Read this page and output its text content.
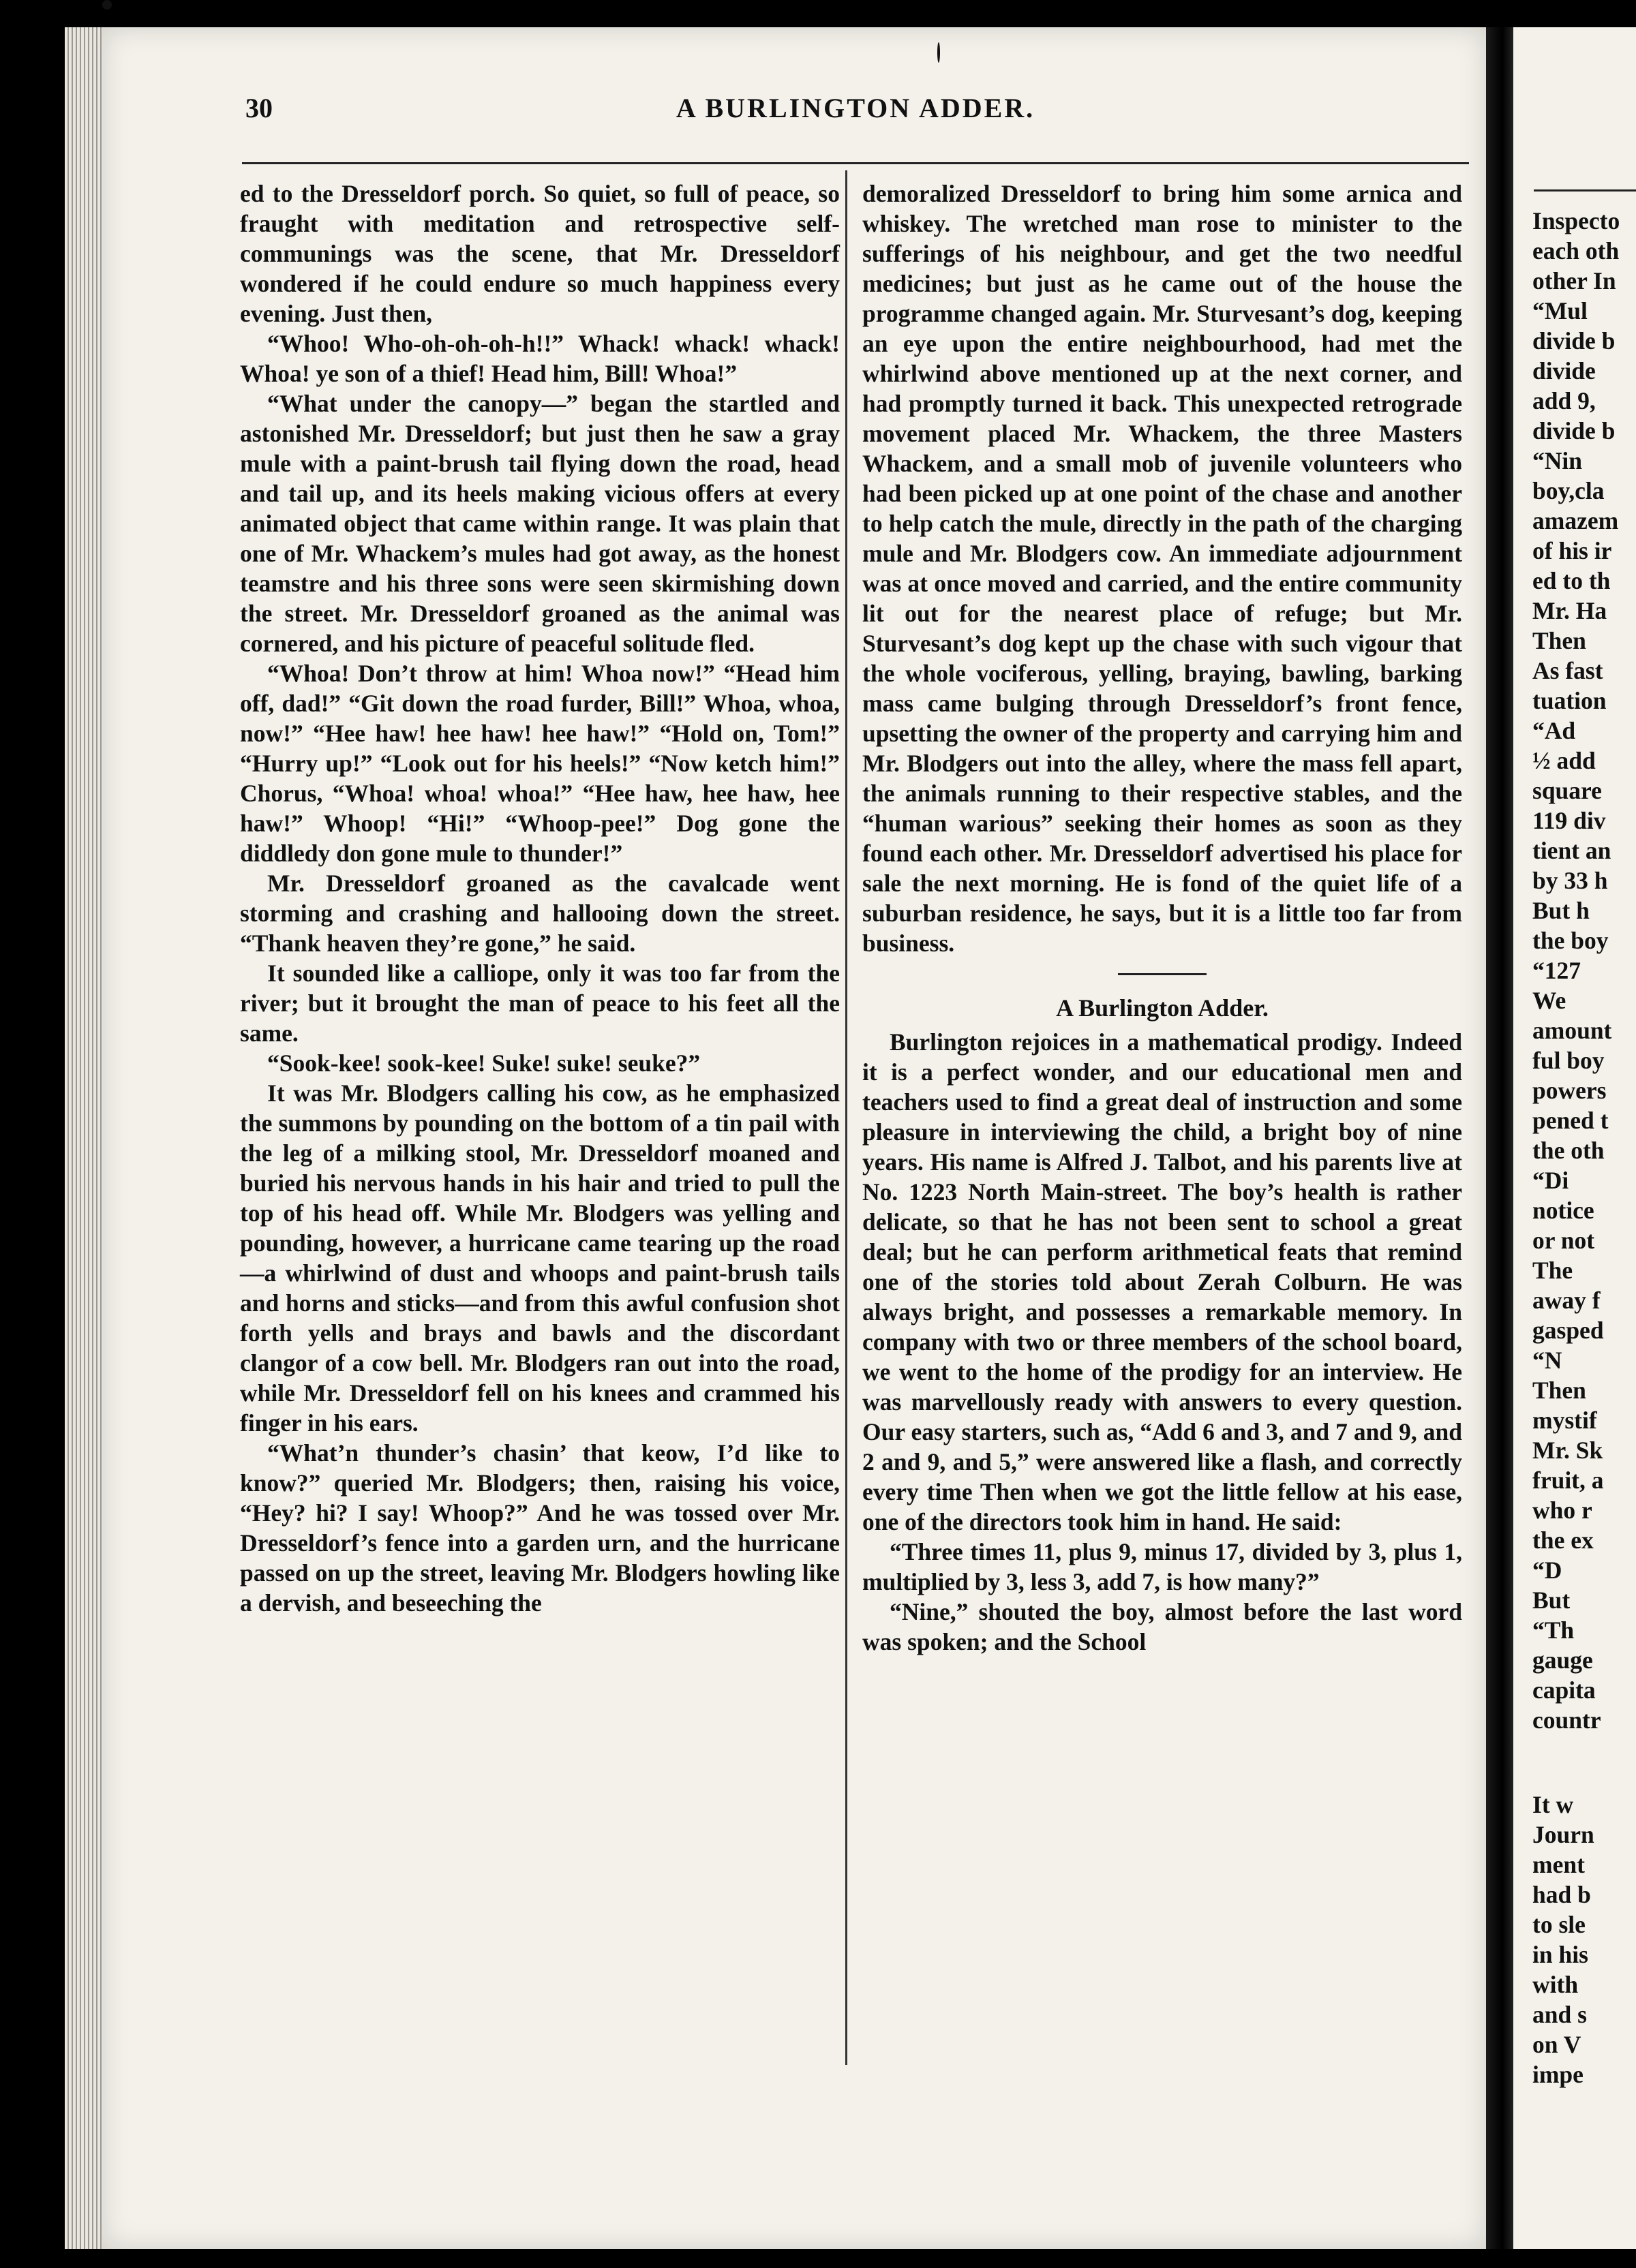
Inspecto
each oth
other In
“Mul
divide b
divide
add 9,
divide b
“Nin
boy,cla
amazem
of his ir
ed to th
Mr. Ha
Then
As fast
tuation
“Ad
½ add
square
119 div
tient an
by 33 h
But h
the boy
“127
We
amount
ful boy
powers
pened t
the oth
“Di
notice
or not
The
away f
gasped
“N
Then
mystif
Mr. Sk
fruit, a
who r
the ex
“D
But
“Th
gauge
capita
countr
It w
Journ
ment
had b
to sle
in his
with
and s
on V
impe
30	A BURLINGTON ADDER.

ed to the Dresseldorf porch. So quiet, so full of peace, so fraught with meditation and retrospective self-communings was the scene, that Mr. Dresseldorf wondered if he could endure so much happiness every evening. Just then,

“Whoo! Who-oh-oh-oh-h!!” Whack! whack! whack! Whoa! ye son of a thief! Head him, Bill! Whoa!”

“What under the canopy—” began the startled and astonished Mr. Dresseldorf; but just then he saw a gray mule with a paint-brush tail flying down the road, head and tail up, and its heels making vicious offers at every animated object that came within range. It was plain that one of Mr. Whackem’s mules had got away, as the honest teamstre and his three sons were seen skirmishing down the street. Mr. Dresseldorf groaned as the animal was cornered, and his picture of peaceful solitude fled.

“Whoa! Don’t throw at him! Whoa now!” “Head him off, dad!” “Git down the road furder, Bill!” Whoa, whoa, now!” “Hee haw! hee haw! hee haw!” “Hold on, Tom!” “Hurry up!” “Look out for his heels!” “Now ketch him!” Chorus, “Whoa! whoa! whoa!” “Hee haw, hee haw, hee haw!” Whoop! “Hi!” “Whoop-pee!” Dog gone the diddledy don gone mule to thunder!”

Mr. Dresseldorf groaned as the cavalcade went storming and crashing and hallooing down the street. “Thank heaven they’re gone,” he said.

It sounded like a calliope, only it was too far from the river; but it brought the man of peace to his feet all the same.

“Sook-kee! sook-kee! Suke! suke! seuke?”

It was Mr. Blodgers calling his cow, as he emphasized the summons by pounding on the bottom of a tin pail with the leg of a milking stool, Mr. Dresseldorf moaned and buried his nervous hands in his hair and tried to pull the top of his head off. While Mr. Blodgers was yelling and pounding, however, a hurricane came tearing up the road—a whirlwind of dust and whoops and paint-brush tails and horns and sticks—and from this awful confusion shot forth yells and brays and bawls and the discordant clangor of a cow bell. Mr. Blodgers ran out into the road, while Mr. Dresseldorf fell on his knees and crammed his finger in his ears.

“What’n thunder’s chasin’ that keow, I’d like to know?” queried Mr. Blodgers; then, raising his voice, “Hey? hi? I say! Whoop?” And he was tossed over Mr. Dresseldorf’s fence into a garden urn, and the hurricane passed on up the street, leaving Mr. Blodgers howling like a dervish, and beseeching the

demoralized Dresseldorf to bring him some arnica and whiskey. The wretched man rose to minister to the sufferings of his neighbour, and get the two needful medicines; but just as he came out of the house the programme changed again. Mr. Sturvesant’s dog, keeping an eye upon the entire neighbourhood, had met the whirlwind above mentioned up at the next corner, and had promptly turned it back. This unexpected retrograde movement placed Mr. Whackem, the three Masters Whackem, and a small mob of juvenile volunteers who had been picked up at one point of the chase and another to help catch the mule, directly in the path of the charging mule and Mr. Blodgers cow. An immediate adjournment was at once moved and carried, and the entire community lit out for the nearest place of refuge; but Mr. Sturvesant’s dog kept up the chase with such vigour that the whole vociferous, yelling, braying, bawling, barking mass came bulging through Dresseldorf’s front fence, upsetting the owner of the property and carrying him and Mr. Blodgers out into the alley, where the mass fell apart, the animals running to their respective stables, and the “human warious” seeking their homes as soon as they found each other. Mr. Dresseldorf advertised his place for sale the next morning. He is fond of the quiet life of a suburban residence, he says, but it is a little too far from business.

A Burlington Adder.

Burlington rejoices in a mathematical prodigy. Indeed it is a perfect wonder, and our educational men and teachers used to find a great deal of instruction and some pleasure in interviewing the child, a bright boy of nine years. His name is Alfred J. Talbot, and his parents live at No. 1223 North Main-street. The boy’s health is rather delicate, so that he has not been sent to school a great deal; but he can perform arithmetical feats that remind one of the stories told about Zerah Colburn. He was always bright, and possesses a remarkable memory. In company with two or three members of the school board, we went to the home of the prodigy for an interview. He was marvellously ready with answers to every question. Our easy starters, such as, “Add 6 and 3, and 7 and 9, and 2 and 9, and 5,” were answered like a flash, and correctly every time Then when we got the little fellow at his ease, one of the directors took him in hand. He said:

“Three times 11, plus 9, minus 17, divided by 3, plus 1, multiplied by 3, less 3, add 7, is how many?”

“Nine,” shouted the boy, almost before the last word was spoken; and the School
